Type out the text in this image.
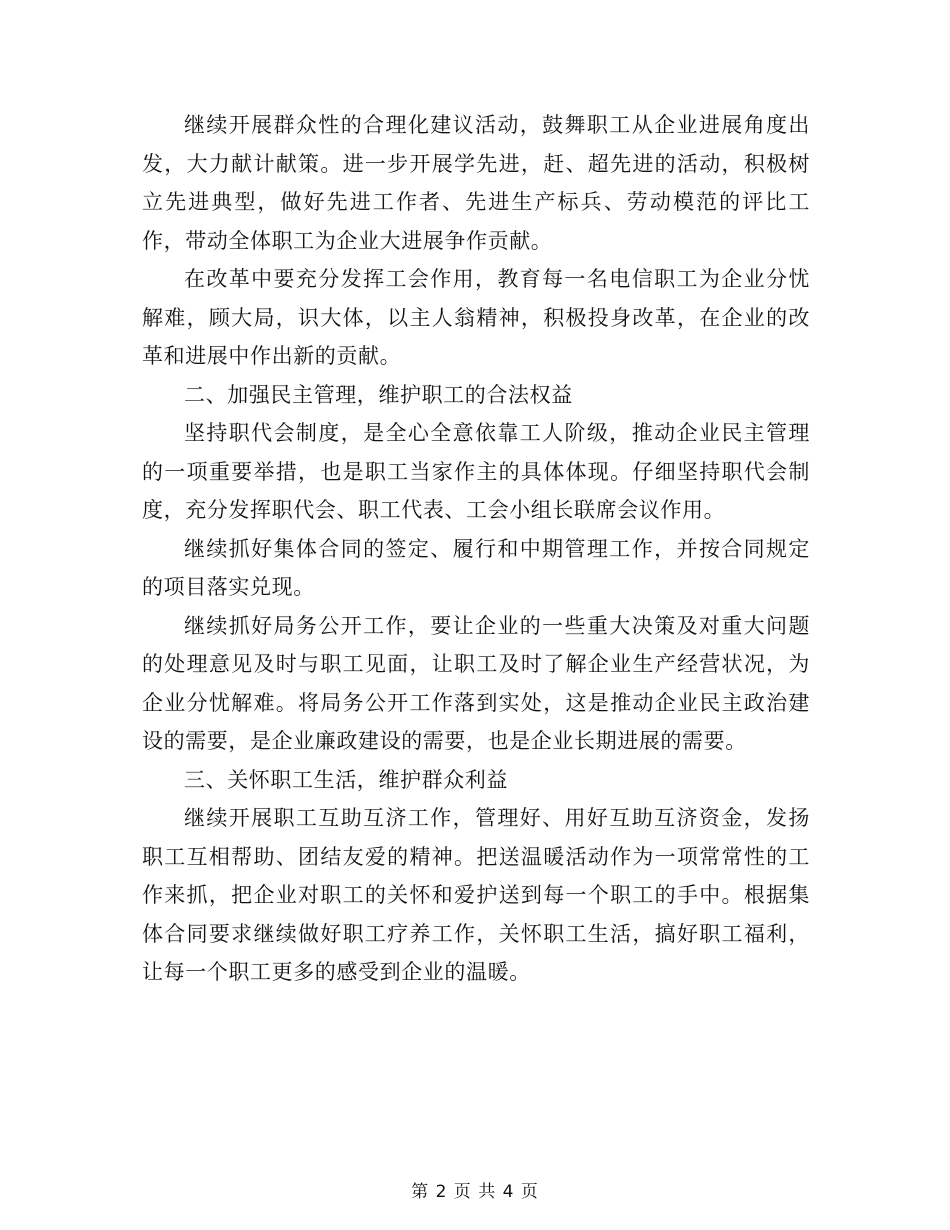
继续开展群众性的合理化建议活动，鼓舞职工从企业进展角度出发，大力献计献策。进一步开展学先进，赶、超先进的活动，积极树立先进典型，做好先进工作者、先进生产标兵、劳动模范的评比工作，带动全体职工为企业大进展争作贡献。

在改革中要充分发挥工会作用，教育每一名电信职工为企业分忧解难，顾大局，识大体，以主人翁精神，积极投身改革，在企业的改革和进展中作出新的贡献。

二、加强民主管理，维护职工的合法权益

坚持职代会制度，是全心全意依靠工人阶级，推动企业民主管理的一项重要举措，也是职工当家作主的具体体现。仔细坚持职代会制度，充分发挥职代会、职工代表、工会小组长联席会议作用。

继续抓好集体合同的签定、履行和中期管理工作，并按合同规定的项目落实兑现。

继续抓好局务公开工作，要让企业的一些重大决策及对重大问题的处理意见及时与职工见面，让职工及时了解企业生产经营状况，为企业分忧解难。将局务公开工作落到实处，这是推动企业民主政治建设的需要，是企业廉政建设的需要，也是企业长期进展的需要。

三、关怀职工生活，维护群众利益

继续开展职工互助互济工作，管理好、用好互助互济资金，发扬职工互相帮助、团结友爱的精神。把送温暖活动作为一项常常性的工作来抓，把企业对职工的关怀和爱护送到每一个职工的手中。根据集体合同要求继续做好职工疗养工作，关怀职工生活，搞好职工福利，让每一个职工更多的感受到企业的温暖。

第 2 页 共 4 页
